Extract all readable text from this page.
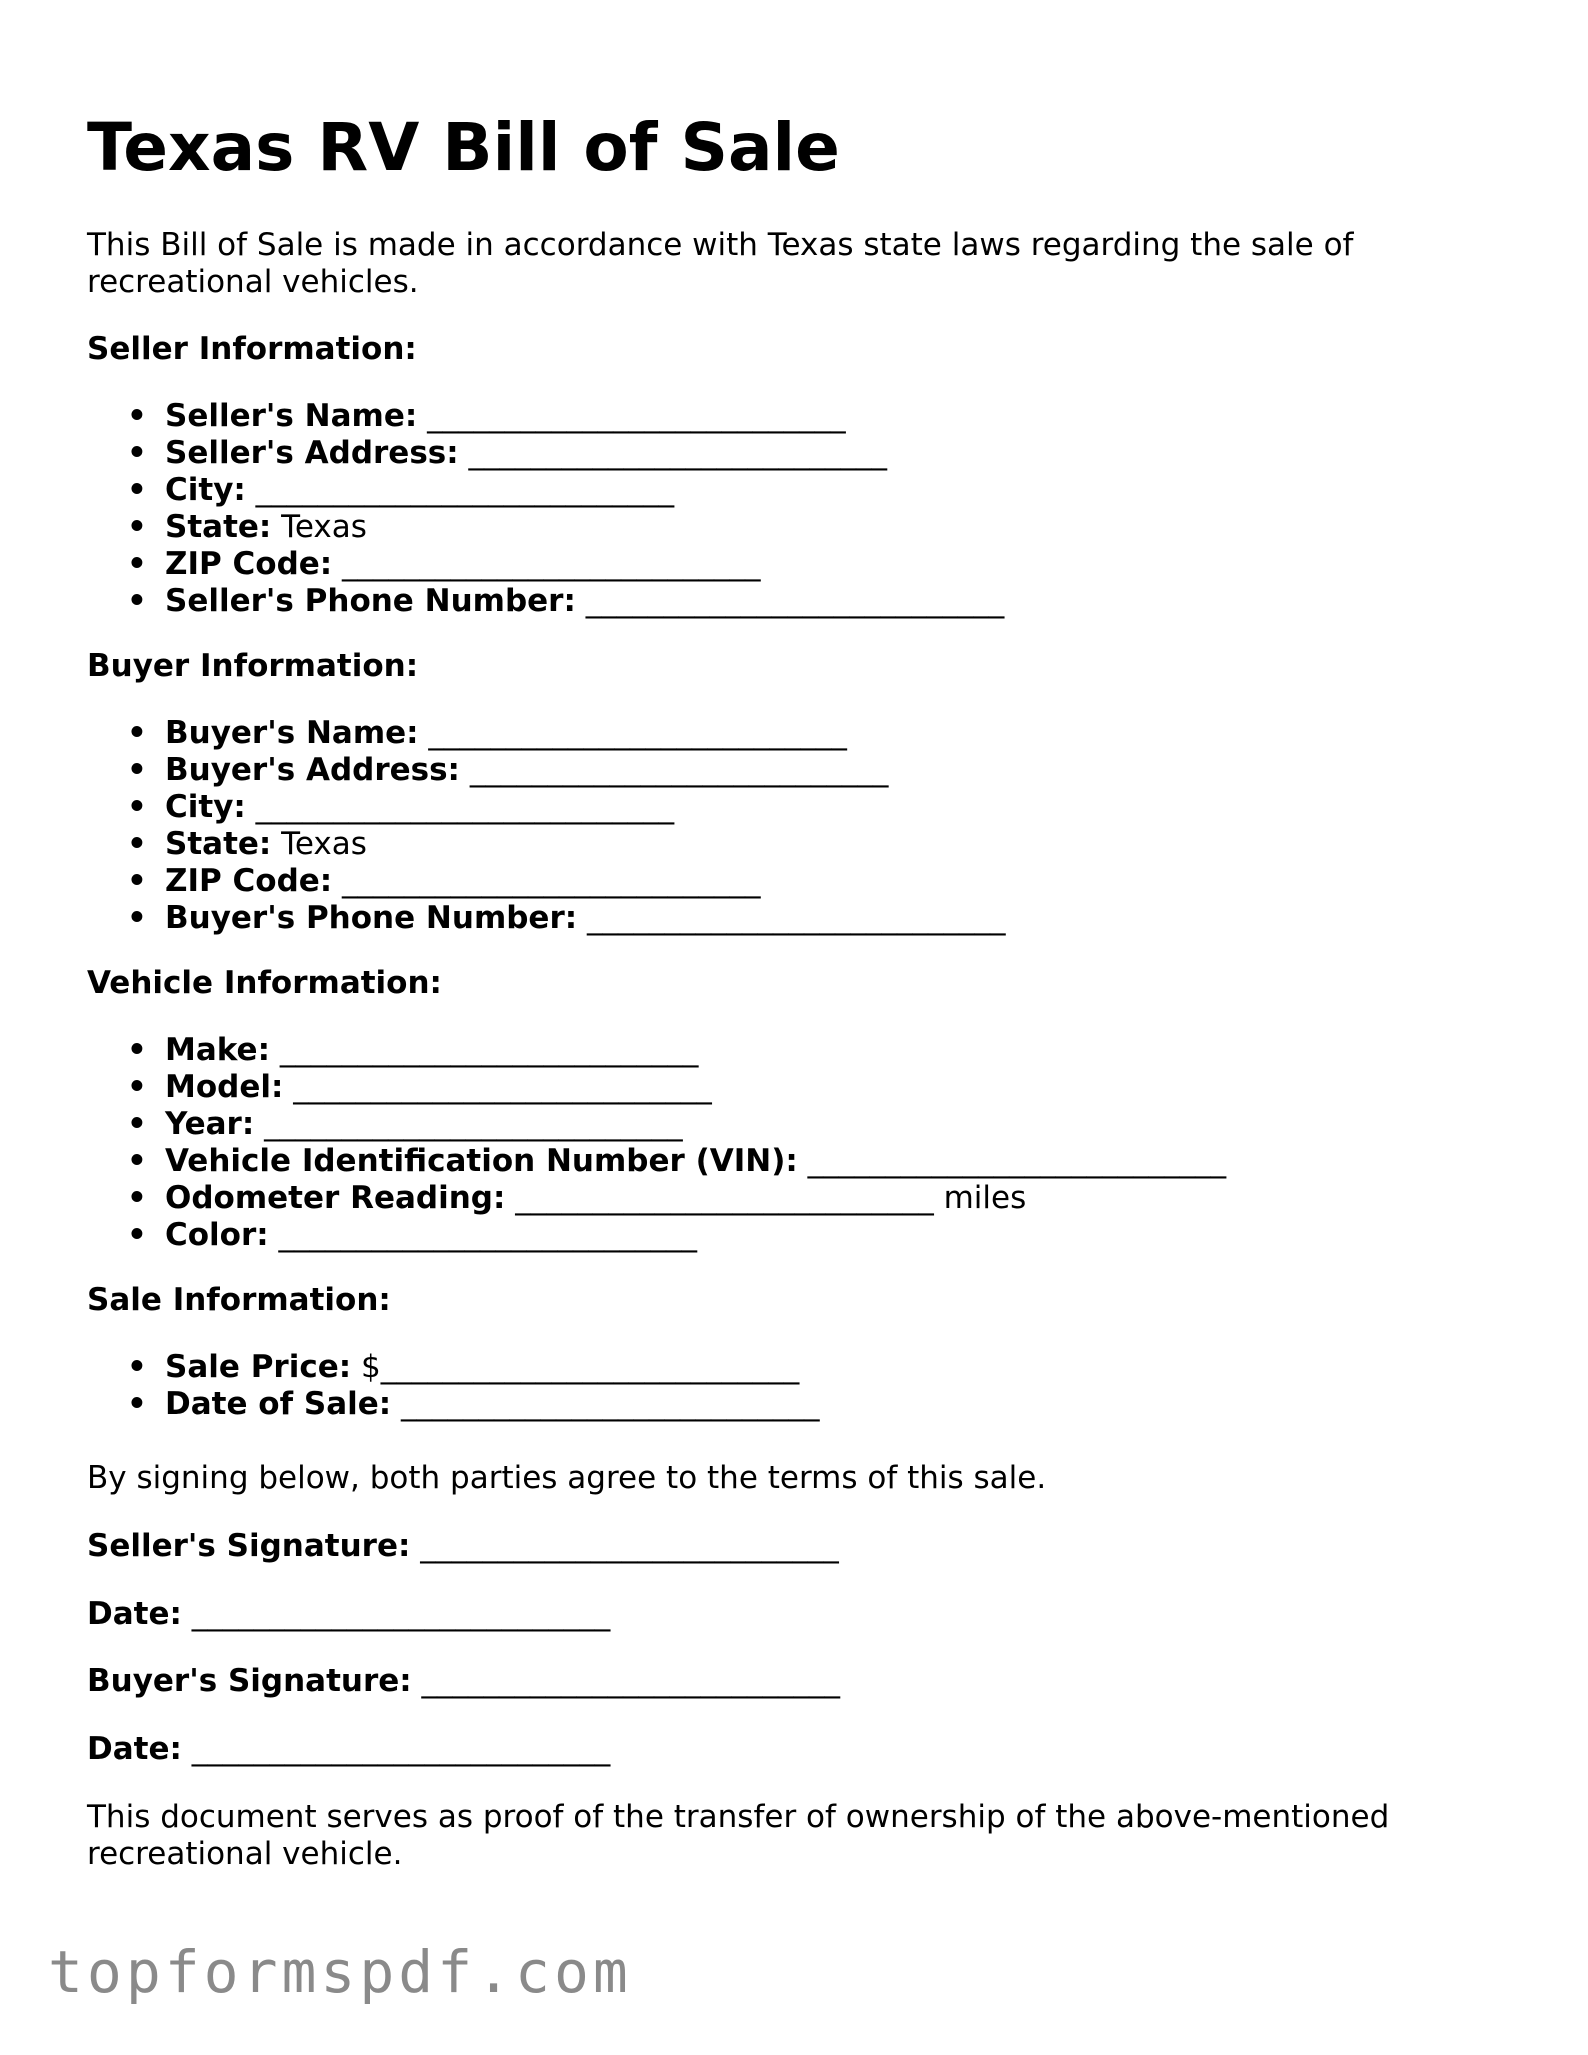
Texas RV Bill of Sale

This Bill of Sale is made in accordance with Texas state laws regarding the sale of recreational vehicles.

Seller Information:
• Seller's Name: ___________________________
• Seller's Address: ___________________________
• City: ___________________________
• State: Texas
• ZIP Code: ___________________________
• Seller's Phone Number: ___________________________
Buyer Information:
• Buyer's Name: ___________________________
• Buyer's Address: ___________________________
• City: ___________________________
• State: Texas
• ZIP Code: ___________________________
• Buyer's Phone Number: ___________________________
Vehicle Information:
• Make: ___________________________
• Model: ___________________________
• Year: ___________________________
• Vehicle Identification Number (VIN): ___________________________
• Odometer Reading: ___________________________ miles
• Color: ___________________________
Sale Information:
• Sale Price: $___________________________
• Date of Sale: ___________________________

By signing below, both parties agree to the terms of this sale.

Seller's Signature: ___________________________
Date: ___________________________
Buyer's Signature: ___________________________
Date: ___________________________

This document serves as proof of the transfer of ownership of the above-mentioned recreational vehicle.

topformspdf.com
